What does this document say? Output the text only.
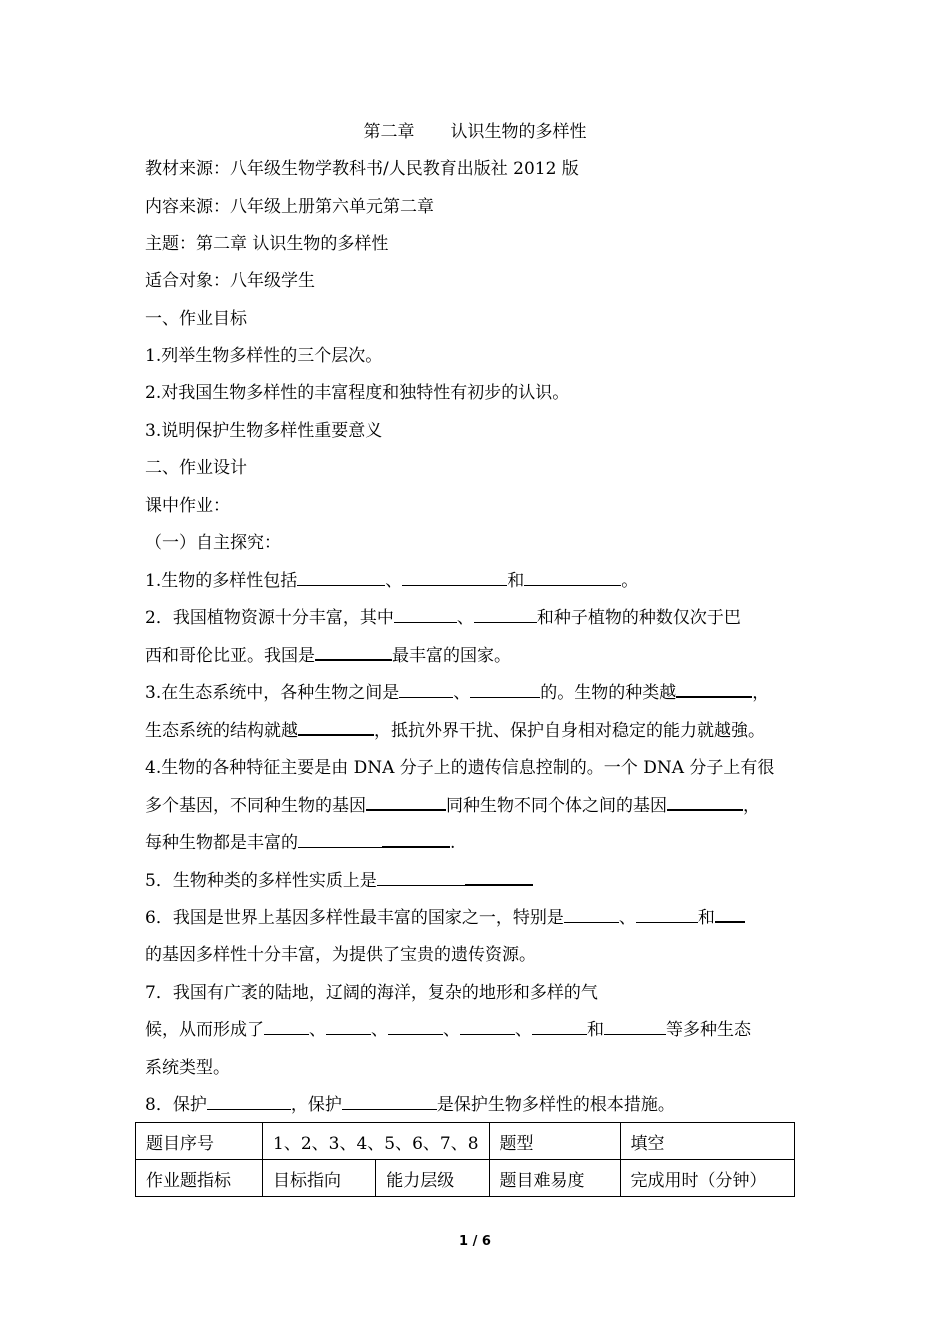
第二章 认识生物的多样性
教材来源：八年级生物学教科书/人民教育出版社 2012 版
内容来源：八年级上册第六单元第二章
主题：第二章 认识生物的多样性
适合对象：八年级学生
一、作业目标
1.列举生物多样性的三个层次。
2.对我国生物多样性的丰富程度和独特性有初步的认识。
3.说明保护生物多样性重要意义
二、作业设计
课中作业：
（一）自主探究：
1.生物的多样性包括	、	和	。
2．我国植物资源十分丰富，其中	、	和种子植物的种数仅次于巴
西和哥伦比亚。我国是	最丰富的国家。
3.在生态系统中，各种生物之间是	、	的。生物的种类越	，
生态系统的结构就越	，抵抗外界干扰、保护自身相对稳定的能力就越強。
4.生物的各种特征主要是由 DNA 分子上的遗传信息控制的。一个 DNA 分子上有很
多个基因，不同种生物的基因	同种生物不同个体之间的基因	，
每种生物都是丰富的	.
5．生物种类的多样性实质上是
6．我国是世界上基因多样性最丰富的国家之一，特别是	、	和
的基因多样性十分丰富，为提供了宝贵的遗传资源。
7．我国有广袤的陆地，辽阔的海洋，复杂的地形和多样的气
候，从而形成了	、	、	、	、	和	等多种生态
系统类型。
8．保护	，保护	是保护生物多样性的根本措施。
题目序号	1、2、3、4、5、6、7、8		题型	填空
作业题指标	目标指向	能力层级	题目难易度	完成用时（分钟）
1 / 6
